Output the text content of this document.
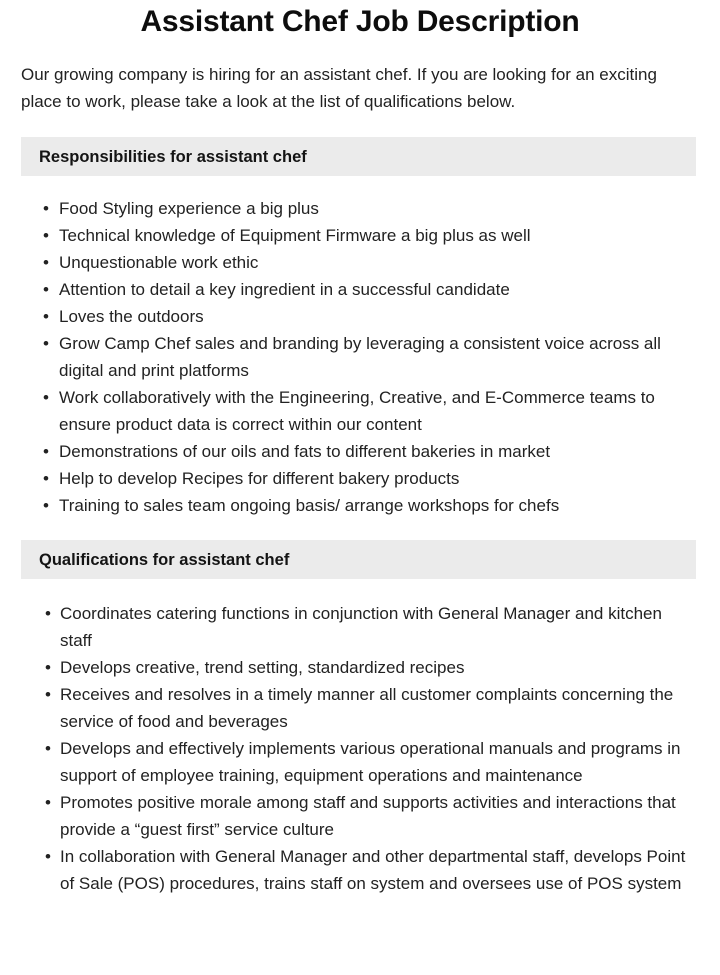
Assistant Chef Job Description

Our growing company is hiring for an assistant chef. If you are looking for an exciting place to work, please take a look at the list of qualifications below.

Responsibilities for assistant chef
• Food Styling experience a big plus
• Technical knowledge of Equipment Firmware a big plus as well
• Unquestionable work ethic
• Attention to detail a key ingredient in a successful candidate
• Loves the outdoors
• Grow Camp Chef sales and branding by leveraging a consistent voice across all digital and print platforms
• Work collaboratively with the Engineering, Creative, and E-Commerce teams to ensure product data is correct within our content
• Demonstrations of our oils and fats to different bakeries in market
• Help to develop Recipes for different bakery products
• Training to sales team ongoing basis/ arrange workshops for chefs
Qualifications for assistant chef
• Coordinates catering functions in conjunction with General Manager and kitchen staff
• Develops creative, trend setting, standardized recipes
• Receives and resolves in a timely manner all customer complaints concerning the service of food and beverages
• Develops and effectively implements various operational manuals and programs in support of employee training, equipment operations and maintenance
• Promotes positive morale among staff and supports activities and interactions that provide a “guest first” service culture
• In collaboration with General Manager and other departmental staff, develops Point of Sale (POS) procedures, trains staff on system and oversees use of POS system
